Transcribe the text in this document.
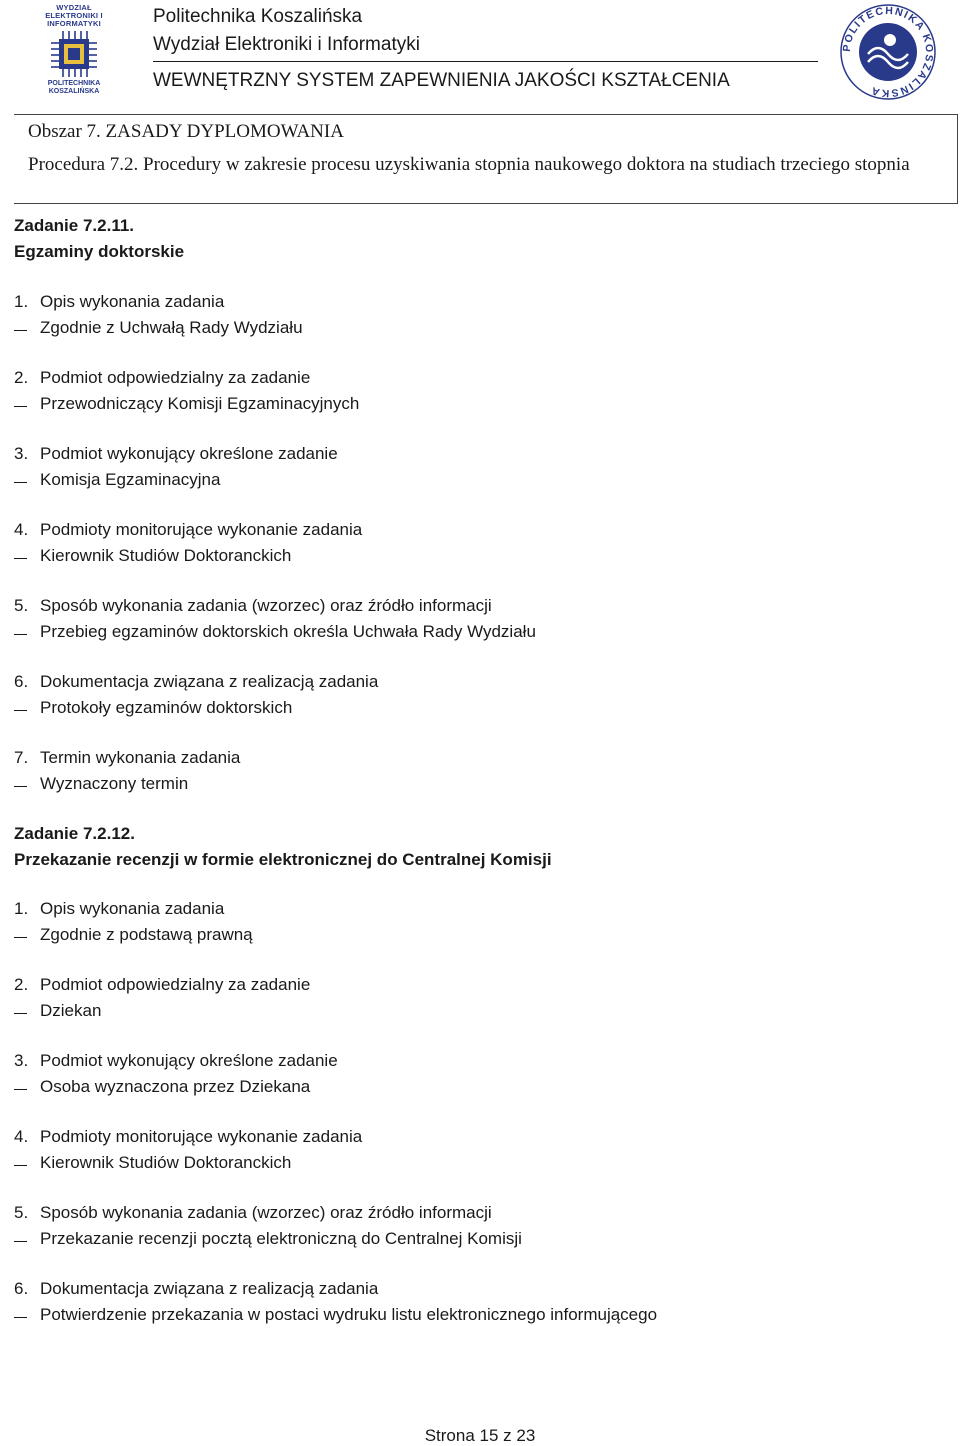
WYDZIAŁ ELEKTRONIKI I INFORMATYKI
POLITECHNIKA KOSZALIŃSKA
Politechnika Koszalińska
Wydział Elektroniki i Informatyki
WEWNĘTRZNY SYSTEM ZAPEWNIENIA JAKOŚCI KSZTAŁCENIA
POLITECHNIKA KOSZALIŃSKA
Obszar 7. ZASADY DYPLOMOWANIA
Procedura 7.2. Procedury w zakresie procesu uzyskiwania stopnia naukowego doktora na studiach trzeciego stopnia
Zadanie 7.2.11.
Egzaminy doktorskie
1. Opis wykonania zadania
Zgodnie z Uchwałą Rady Wydziału
2. Podmiot odpowiedzialny za zadanie
Przewodniczący Komisji Egzaminacyjnych
3. Podmiot wykonujący określone zadanie
Komisja Egzaminacyjna
4. Podmioty monitorujące wykonanie zadania
Kierownik Studiów Doktoranckich
5. Sposób wykonania zadania (wzorzec) oraz źródło informacji
Przebieg egzaminów doktorskich określa Uchwała Rady Wydziału
6. Dokumentacja związana z realizacją zadania
Protokoły egzaminów doktorskich
7. Termin wykonania zadania
Wyznaczony termin
Zadanie 7.2.12.
Przekazanie recenzji w formie elektronicznej do Centralnej Komisji
1. Opis wykonania zadania
Zgodnie z podstawą prawną
2. Podmiot odpowiedzialny za zadanie
Dziekan
3. Podmiot wykonujący określone zadanie
Osoba wyznaczona przez Dziekana
4. Podmioty monitorujące wykonanie zadania
Kierownik Studiów Doktoranckich
5. Sposób wykonania zadania (wzorzec) oraz źródło informacji
Przekazanie recenzji pocztą elektroniczną do Centralnej Komisji
6. Dokumentacja związana z realizacją zadania
Potwierdzenie przekazania w postaci wydruku listu elektronicznego informującego
Strona 15 z 23
